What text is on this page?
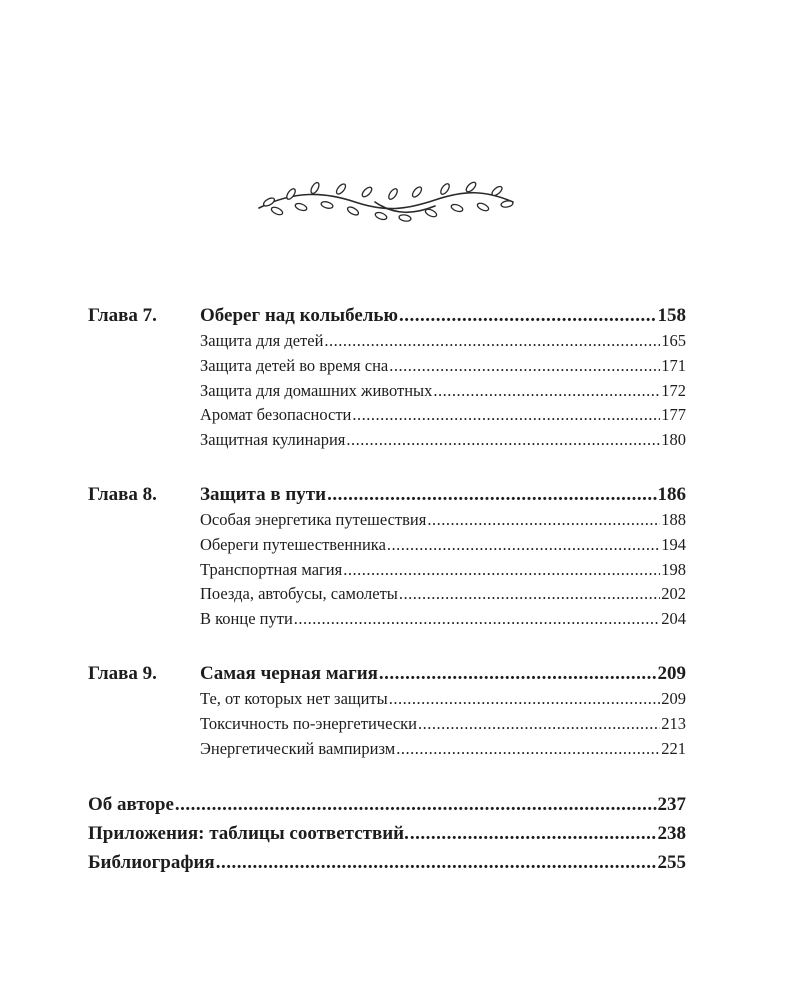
Глава 7.	Оберег над колыбелью .....	158
Защита для детей .....	165
Защита детей во время сна .....	171
Защита для домашних животных .....	172
Аромат безопасности .....	177
Защитная кулинария .....	180
Глава 8.	Защита в пути .....	186
Особая энергетика путешествия .....	188
Обереги путешественника .....	194
Транспортная магия .....	198
Поезда, автобусы, самолеты .....	202
В конце пути .....	204
Глава 9.	Самая черная магия .....	209
Те, от которых нет защиты .....	209
Токсичность по-энергетически .....	213
Энергетический вампиризм .....	221
Об авторе .....	237
Приложения: таблицы соответствий. .....	238
Библиография .....	255
